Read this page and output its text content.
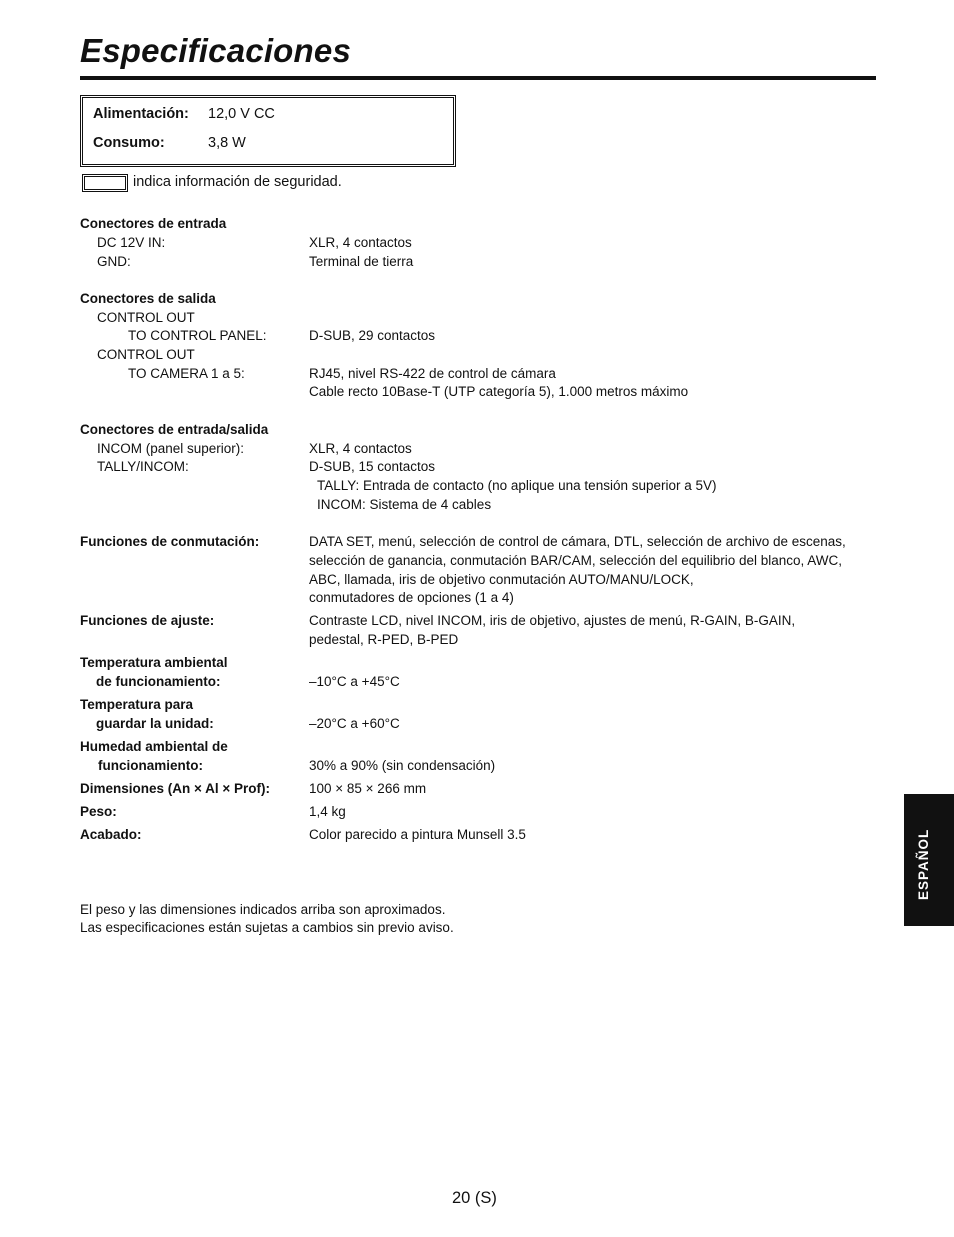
Especificaciones
Alimentación: 12,0 V CC
Consumo:	3,8 W
indica información de seguridad.
Conectores de entrada
DC 12V IN:	XLR, 4 contactos
GND:	Terminal de tierra
Conectores de salida
CONTROL OUT
TO CONTROL PANEL:	D-SUB, 29 contactos
CONTROL OUT
TO CAMERA 1 a 5:	RJ45, nivel RS-422 de control de cámara
Cable recto 10Base-T (UTP categoría 5), 1.000 metros máximo
Conectores de entrada/salida
INCOM (panel superior):	XLR, 4 contactos
TALLY/INCOM:	D-SUB, 15 contactos
TALLY: Entrada de contacto (no aplique una tensión superior a 5V)
INCOM: Sistema de 4 cables
Funciones de conmutación:	DATA SET, menú, selección de control de cámara, DTL, selección de archivo de escenas,
selección de ganancia, conmutación BAR/CAM, selección del equilibrio del blanco, AWC,
ABC, llamada, iris de objetivo conmutación AUTO/MANU/LOCK,
conmutadores de opciones (1 a 4)
Funciones de ajuste:	Contraste LCD, nivel INCOM, iris de objetivo, ajustes de menú, R-GAIN, B-GAIN,
pedestal, R-PED, B-PED
Temperatura ambiental
de funcionamiento:	–10°C a +45°C
Temperatura para
guardar la unidad:	–20°C a +60°C
Humedad ambiental de
funcionamiento:	30% a 90% (sin condensación)
Dimensiones (An × Al × Prof):	100 × 85 × 266 mm
Peso:	1,4 kg
Acabado:	Color parecido a pintura Munsell 3.5
El peso y las dimensiones indicados arriba son aproximados.
Las especificaciones están sujetas a cambios sin previo aviso.
ESPAÑOL
20 (S)
